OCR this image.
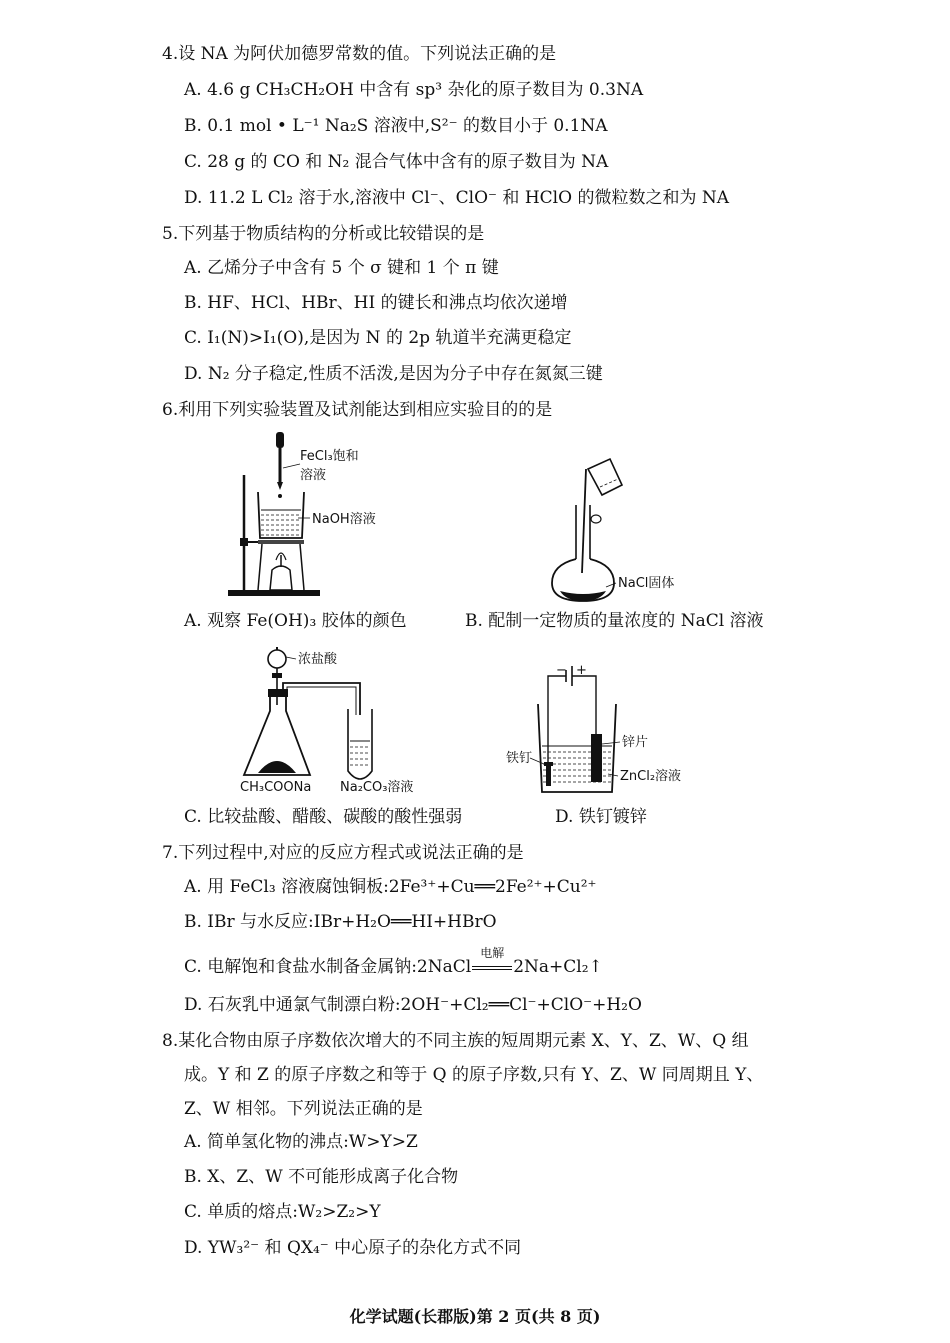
4.设 NA 为阿伏加德罗常数的值。下列说法正确的是
A. 4.6 g CH₃CH₂OH 中含有 sp³ 杂化的原子数目为 0.3NA
B. 0.1 mol • L⁻¹ Na₂S 溶液中,S²⁻ 的数目小于 0.1NA
C. 28 g 的 CO 和 N₂ 混合气体中含有的原子数目为 NA
D. 11.2 L Cl₂ 溶于水,溶液中 Cl⁻、ClO⁻ 和 HClO 的微粒数之和为 NA
5.下列基于物质结构的分析或比较错误的是
A. 乙烯分子中含有 5 个 σ 键和 1 个 π 键
B. HF、HCl、HBr、HI 的键长和沸点均依次递增
C. I₁(N)>I₁(O),是因为 N 的 2p 轨道半充满更稳定
D. N₂ 分子稳定,性质不活泼,是因为分子中存在氮氮三键
6.利用下列实验装置及试剂能达到相应实验目的的是
FeCl₃饱和
溶液
NaOH溶液
NaCl固体
A. 观察 Fe(OH)₃ 胶体的颜色	B. 配制一定物质的量浓度的 NaCl 溶液
浓盐酸
CH₃COONa Na₂CO₃溶液
− +
铁钉
锌片
ZnCl₂溶液
C. 比较盐酸、醋酸、碳酸的酸性强弱	D. 铁钉镀锌
7.下列过程中,对应的反应方程式或说法正确的是
A. 用 FeCl₃ 溶液腐蚀铜板:2Fe³⁺+Cu══2Fe²⁺+Cu²⁺
B. IBr 与水反应:IBr+H₂O══HI+HBrO
C. 电解饱和食盐水制备金属钠:2NaCl
电解
2Na+Cl₂↑
D. 石灰乳中通氯气制漂白粉:2OH⁻+Cl₂══Cl⁻+ClO⁻+H₂O
8.某化合物由原子序数依次增大的不同主族的短周期元素 X、Y、Z、W、Q 组
成。Y 和 Z 的原子序数之和等于 Q 的原子序数,只有 Y、Z、W 同周期且 Y、
Z、W 相邻。下列说法正确的是
A. 简单氢化物的沸点:W>Y>Z
B. X、Z、W 不可能形成离子化合物
C. 单质的熔点:W₂>Z₂>Y
D. YW₃²⁻ 和 QX₄⁻ 中心原子的杂化方式不同
化学试题(长郡版)第 2 页(共 8 页)
